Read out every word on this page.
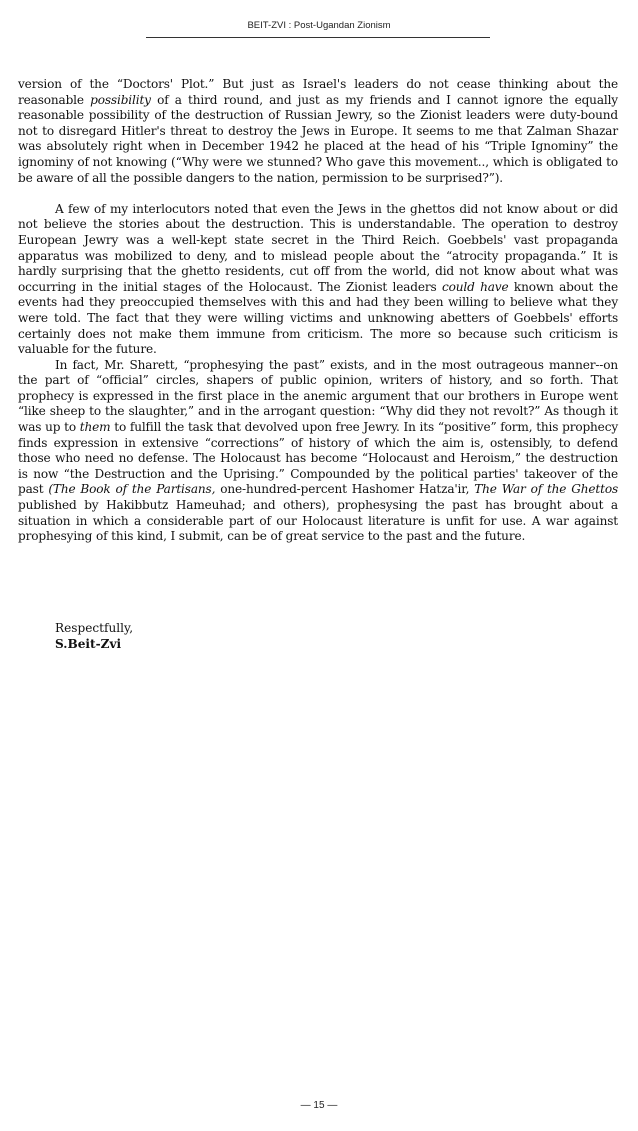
BEIT-ZVI : Post-Ugandan Zionism

version of the “Doctors' Plot.” But just as Israel's leaders do not cease thinking about the reasonable possibility of a third round, and just as my friends and I cannot ignore the equally reasonable possibility of the destruction of Russian Jewry, so the Zionist leaders were duty-bound not to disregard Hitler's threat to destroy the Jews in Europe. It seems to me that Zalman Shazar was absolutely right when in December 1942 he placed at the head of his “Triple Ignominy” the ignominy of not knowing (“Why were we stunned? Who gave this movement.., which is obligated to be aware of all the possible dangers to the nation, permission to be surprised?”).

A few of my interlocutors noted that even the Jews in the ghettos did not know about or did not believe the stories about the destruction. This is understandable. The operation to destroy European Jewry was a well-kept state secret in the Third Reich. Goebbels' vast propaganda apparatus was mobilized to deny, and to mislead people about the “atrocity propaganda.” It is hardly surprising that the ghetto residents, cut off from the world, did not know about what was occurring in the initial stages of the Holocaust. The Zionist leaders could have known about the events had they preoccupied themselves with this and had they been willing to believe what they were told. The fact that they were willing victims and unknowing abetters of Goebbels' efforts certainly does not make them immune from criticism. The more so because such criticism is valuable for the future.

In fact, Mr. Sharett, “prophesying the past” exists, and in the most outrageous manner--on the part of “official” circles, shapers of public opinion, writers of history, and so forth. That prophecy is expressed in the first place in the anemic argument that our brothers in Europe went “like sheep to the slaughter,” and in the arrogant question: “Why did they not revolt?” As though it was up to them to fulfill the task that devolved upon free Jewry. In its “positive” form, this prophecy finds expression in extensive “corrections” of history of which the aim is, ostensibly, to defend those who need no defense. The Holocaust has become “Holocaust and Heroism,” the destruction is now “the Destruction and the Uprising.” Compounded by the political parties' takeover of the past (The Book of the Partisans, one-hundred-percent Hashomer Hatza'ir, The War of the Ghettos published by Hakibbutz Hameuhad; and others), prophesysing the past has brought about a situation in which a considerable part of our Holocaust literature is unfit for use. A war against prophesying of this kind, I submit, can be of great service to the past and the future.

Respectfully,
S.Beit-Zvi
— 15 —
